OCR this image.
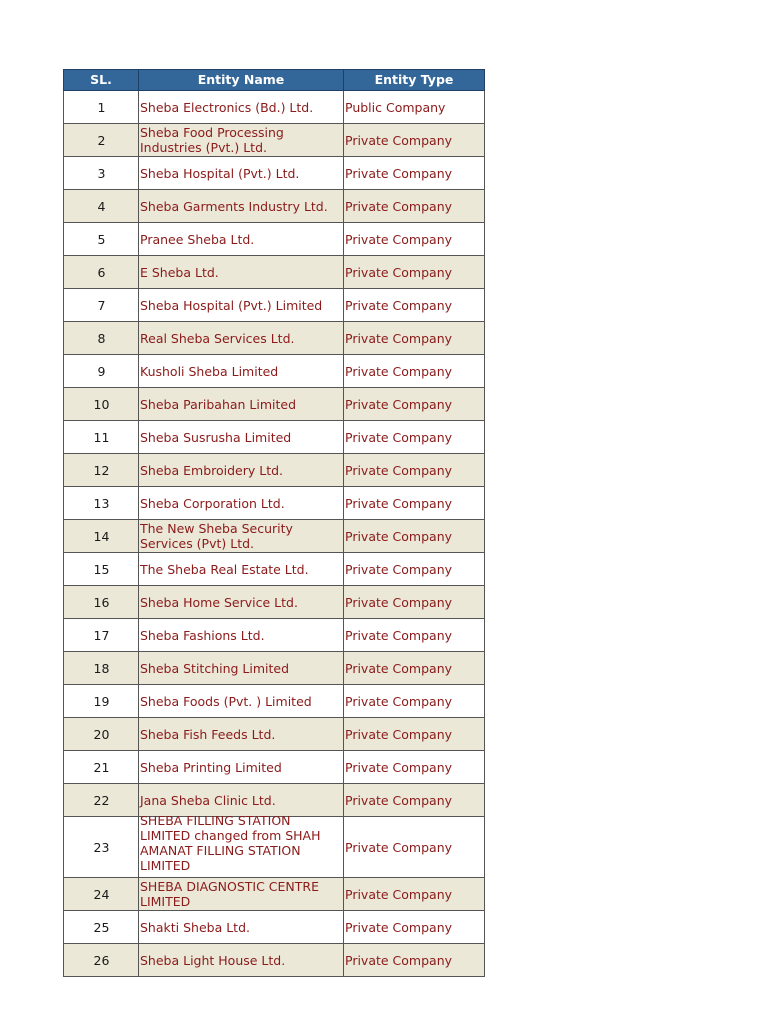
SL.	Entity Name	Entity Type
1	Sheba Electronics (Bd.) Ltd.	Public Company
2	Sheba Food Processing Industries (Pvt.) Ltd.	Private Company
3	Sheba Hospital (Pvt.) Ltd.	Private Company
4	Sheba Garments Industry Ltd.	Private Company
5	Pranee Sheba Ltd.	Private Company
6	E Sheba Ltd.	Private Company
7	Sheba Hospital (Pvt.) Limited	Private Company
8	Real Sheba Services Ltd.	Private Company
9	Kusholi Sheba Limited	Private Company
10	Sheba Paribahan Limited	Private Company
11	Sheba Susrusha Limited	Private Company
12	Sheba Embroidery Ltd.	Private Company
13	Sheba Corporation Ltd.	Private Company
14	The New Sheba Security Services (Pvt) Ltd.	Private Company
15	The Sheba Real Estate Ltd.	Private Company
16	Sheba Home Service Ltd.	Private Company
17	Sheba Fashions Ltd.	Private Company
18	Sheba Stitching Limited	Private Company
19	Sheba Foods (Pvt. ) Limited	Private Company
20	Sheba Fish Feeds Ltd.	Private Company
21	Sheba Printing Limited	Private Company
22	Jana Sheba Clinic Ltd.	Private Company
23	SHEBA FILLING STATION LIMITED changed from SHAH AMANAT FILLING STATION LIMITED	Private Company
24	SHEBA DIAGNOSTIC CENTRE LIMITED	Private Company
25	Shakti Sheba Ltd.	Private Company
26	Sheba Light House Ltd.	Private Company
